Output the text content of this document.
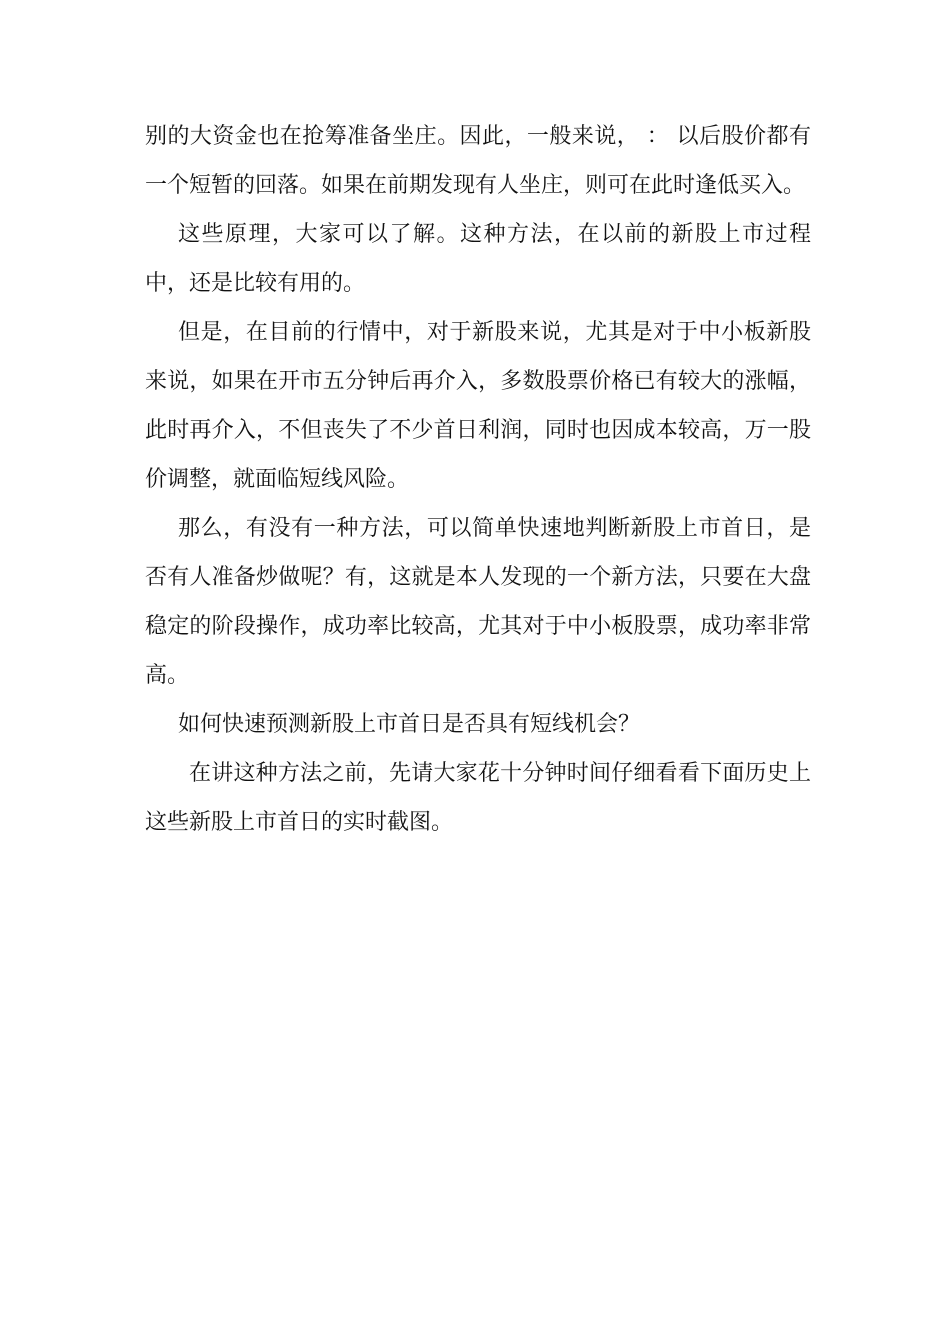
别的大资金也在抢筹准备坐庄。因此，一般来说， ： 以后股价都有一个短暂的回落。如果在前期发现有人坐庄，则可在此时逢低买入。

这些原理，大家可以了解。这种方法，在以前的新股上市过程中，还是比较有用的。

但是，在目前的行情中，对于新股来说，尤其是对于中小板新股来说，如果在开市五分钟后再介入，多数股票价格已有较大的涨幅，此时再介入，不但丧失了不少首日利润，同时也因成本较高，万一股价调整，就面临短线风险。

那么，有没有一种方法，可以简单快速地判断新股上市首日，是否有人准备炒做呢？有，这就是本人发现的一个新方法，只要在大盘稳定的阶段操作，成功率比较高，尤其对于中小板股票，成功率非常高。

如何快速预测新股上市首日是否具有短线机会？

在讲这种方法之前，先请大家花十分钟时间仔细看看下面历史上这些新股上市首日的实时截图。
